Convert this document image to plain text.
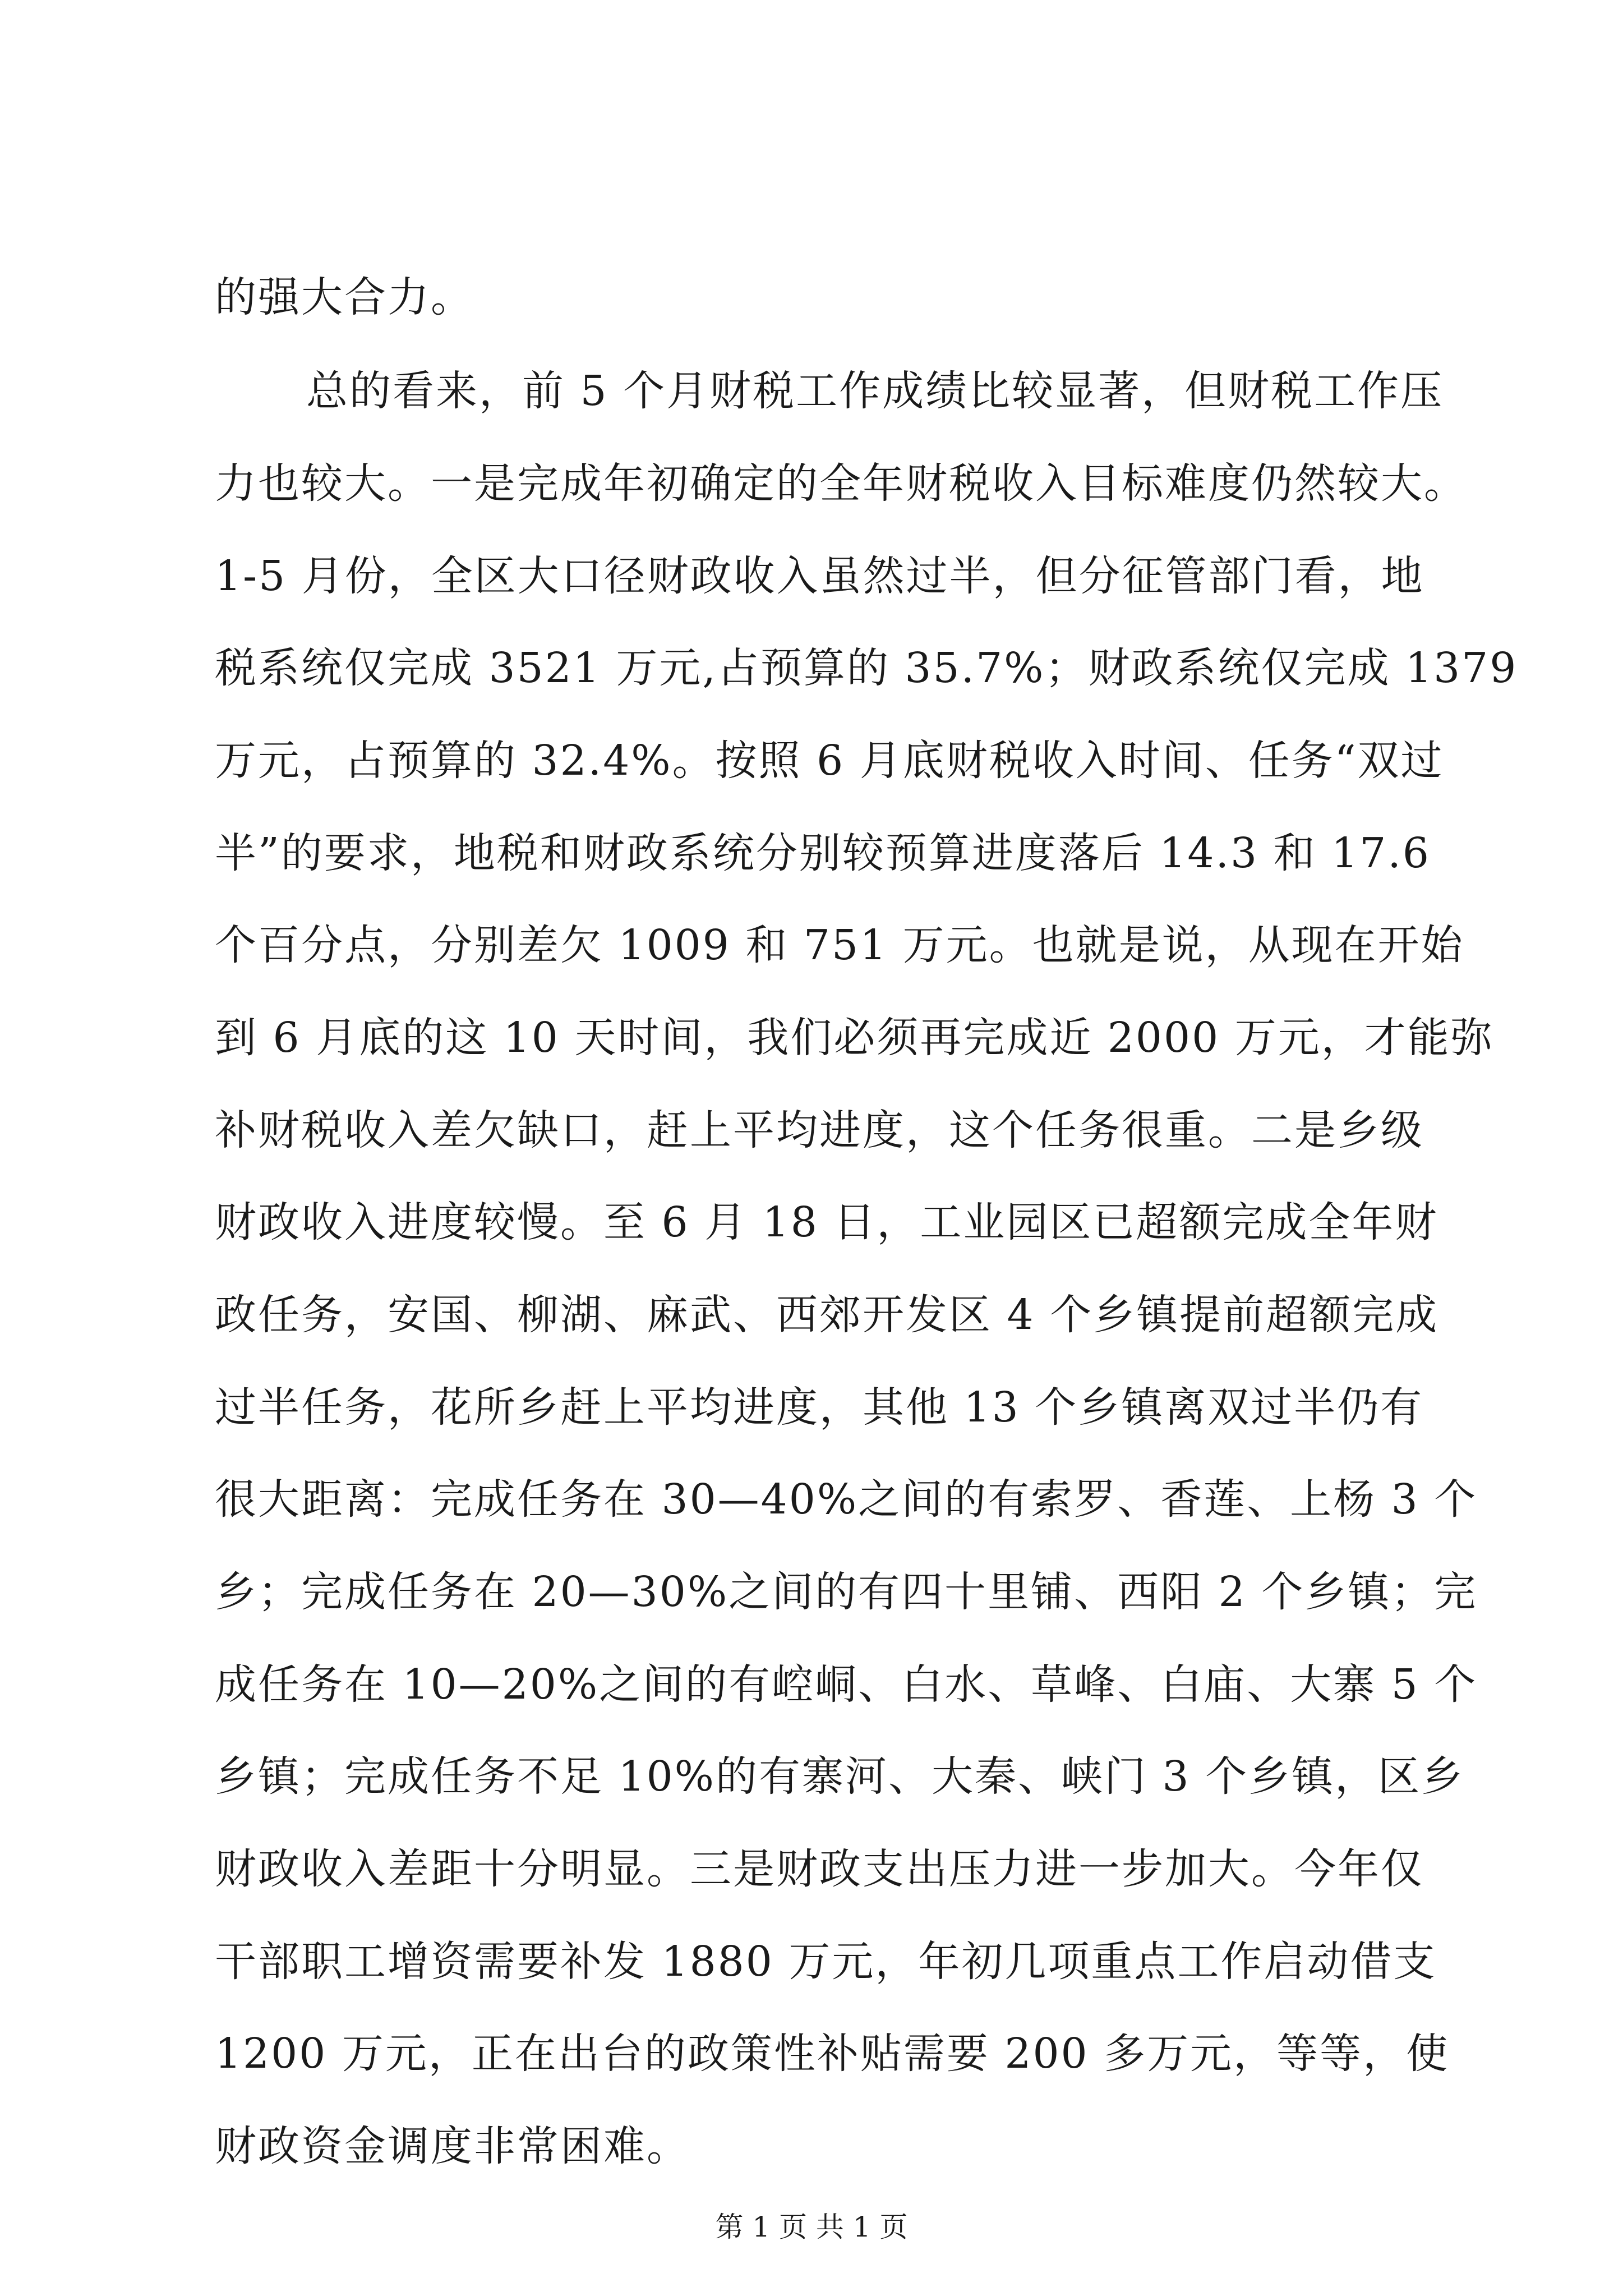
的强大合力。
总的看来，前 5 个月财税工作成绩比较显著，但财税工作压
力也较大。一是完成年初确定的全年财税收入目标难度仍然较大。
1-5 月份，全区大口径财政收入虽然过半，但分征管部门看，地
税系统仅完成 3521 万元,占预算的 35.7%；财政系统仅完成 1379
万元，占预算的 32.4%。按照 6 月底财税收入时间、任务“双过
半”的要求，地税和财政系统分别较预算进度落后 14.3 和 17.6
个百分点，分别差欠 1009 和 751 万元。也就是说，从现在开始
到 6 月底的这 10 天时间，我们必须再完成近 2000 万元，才能弥
补财税收入差欠缺口，赶上平均进度，这个任务很重。二是乡级
财政收入进度较慢。至 6 月 18 日，工业园区已超额完成全年财
政任务，安国、柳湖、麻武、西郊开发区 4 个乡镇提前超额完成
过半任务，花所乡赶上平均进度，其他 13 个乡镇离双过半仍有
很大距离：完成任务在 30—40%之间的有索罗、香莲、上杨 3 个
乡；完成任务在 20—30%之间的有四十里铺、西阳 2 个乡镇；完
成任务在 10—20%之间的有崆峒、白水、草峰、白庙、大寨 5 个
乡镇；完成任务不足 10%的有寨河、大秦、峡门 3 个乡镇，区乡
财政收入差距十分明显。三是财政支出压力进一步加大。今年仅
干部职工增资需要补发 1880 万元，年初几项重点工作启动借支
1200 万元，正在出台的政策性补贴需要 200 多万元，等等，使
财政资金调度非常困难。
第 1 页 共 1 页
